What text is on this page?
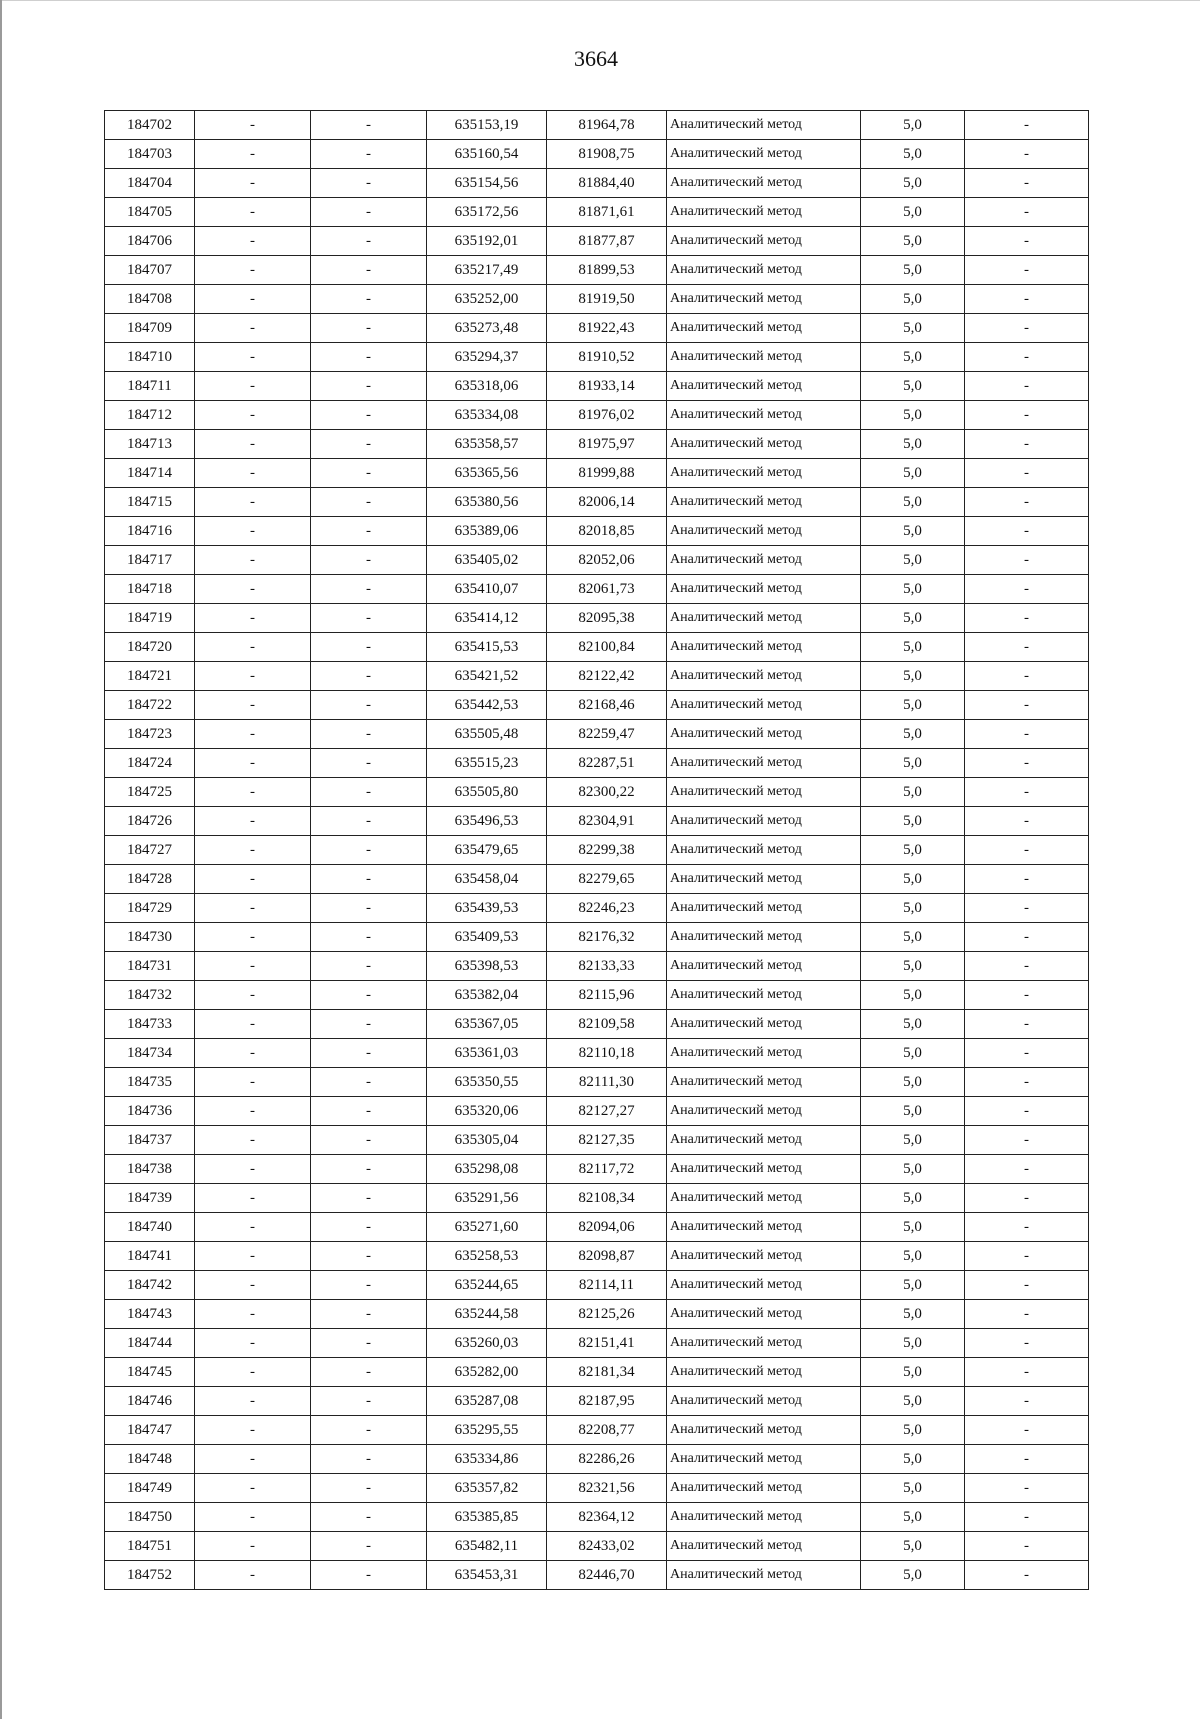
3664
184702	-	-	635153,19	81964,78	Аналитический метод	5,0	-
184703	-	-	635160,54	81908,75	Аналитический метод	5,0	-
184704	-	-	635154,56	81884,40	Аналитический метод	5,0	-
184705	-	-	635172,56	81871,61	Аналитический метод	5,0	-
184706	-	-	635192,01	81877,87	Аналитический метод	5,0	-
184707	-	-	635217,49	81899,53	Аналитический метод	5,0	-
184708	-	-	635252,00	81919,50	Аналитический метод	5,0	-
184709	-	-	635273,48	81922,43	Аналитический метод	5,0	-
184710	-	-	635294,37	81910,52	Аналитический метод	5,0	-
184711	-	-	635318,06	81933,14	Аналитический метод	5,0	-
184712	-	-	635334,08	81976,02	Аналитический метод	5,0	-
184713	-	-	635358,57	81975,97	Аналитический метод	5,0	-
184714	-	-	635365,56	81999,88	Аналитический метод	5,0	-
184715	-	-	635380,56	82006,14	Аналитический метод	5,0	-
184716	-	-	635389,06	82018,85	Аналитический метод	5,0	-
184717	-	-	635405,02	82052,06	Аналитический метод	5,0	-
184718	-	-	635410,07	82061,73	Аналитический метод	5,0	-
184719	-	-	635414,12	82095,38	Аналитический метод	5,0	-
184720	-	-	635415,53	82100,84	Аналитический метод	5,0	-
184721	-	-	635421,52	82122,42	Аналитический метод	5,0	-
184722	-	-	635442,53	82168,46	Аналитический метод	5,0	-
184723	-	-	635505,48	82259,47	Аналитический метод	5,0	-
184724	-	-	635515,23	82287,51	Аналитический метод	5,0	-
184725	-	-	635505,80	82300,22	Аналитический метод	5,0	-
184726	-	-	635496,53	82304,91	Аналитический метод	5,0	-
184727	-	-	635479,65	82299,38	Аналитический метод	5,0	-
184728	-	-	635458,04	82279,65	Аналитический метод	5,0	-
184729	-	-	635439,53	82246,23	Аналитический метод	5,0	-
184730	-	-	635409,53	82176,32	Аналитический метод	5,0	-
184731	-	-	635398,53	82133,33	Аналитический метод	5,0	-
184732	-	-	635382,04	82115,96	Аналитический метод	5,0	-
184733	-	-	635367,05	82109,58	Аналитический метод	5,0	-
184734	-	-	635361,03	82110,18	Аналитический метод	5,0	-
184735	-	-	635350,55	82111,30	Аналитический метод	5,0	-
184736	-	-	635320,06	82127,27	Аналитический метод	5,0	-
184737	-	-	635305,04	82127,35	Аналитический метод	5,0	-
184738	-	-	635298,08	82117,72	Аналитический метод	5,0	-
184739	-	-	635291,56	82108,34	Аналитический метод	5,0	-
184740	-	-	635271,60	82094,06	Аналитический метод	5,0	-
184741	-	-	635258,53	82098,87	Аналитический метод	5,0	-
184742	-	-	635244,65	82114,11	Аналитический метод	5,0	-
184743	-	-	635244,58	82125,26	Аналитический метод	5,0	-
184744	-	-	635260,03	82151,41	Аналитический метод	5,0	-
184745	-	-	635282,00	82181,34	Аналитический метод	5,0	-
184746	-	-	635287,08	82187,95	Аналитический метод	5,0	-
184747	-	-	635295,55	82208,77	Аналитический метод	5,0	-
184748	-	-	635334,86	82286,26	Аналитический метод	5,0	-
184749	-	-	635357,82	82321,56	Аналитический метод	5,0	-
184750	-	-	635385,85	82364,12	Аналитический метод	5,0	-
184751	-	-	635482,11	82433,02	Аналитический метод	5,0	-
184752	-	-	635453,31	82446,70	Аналитический метод	5,0	-
